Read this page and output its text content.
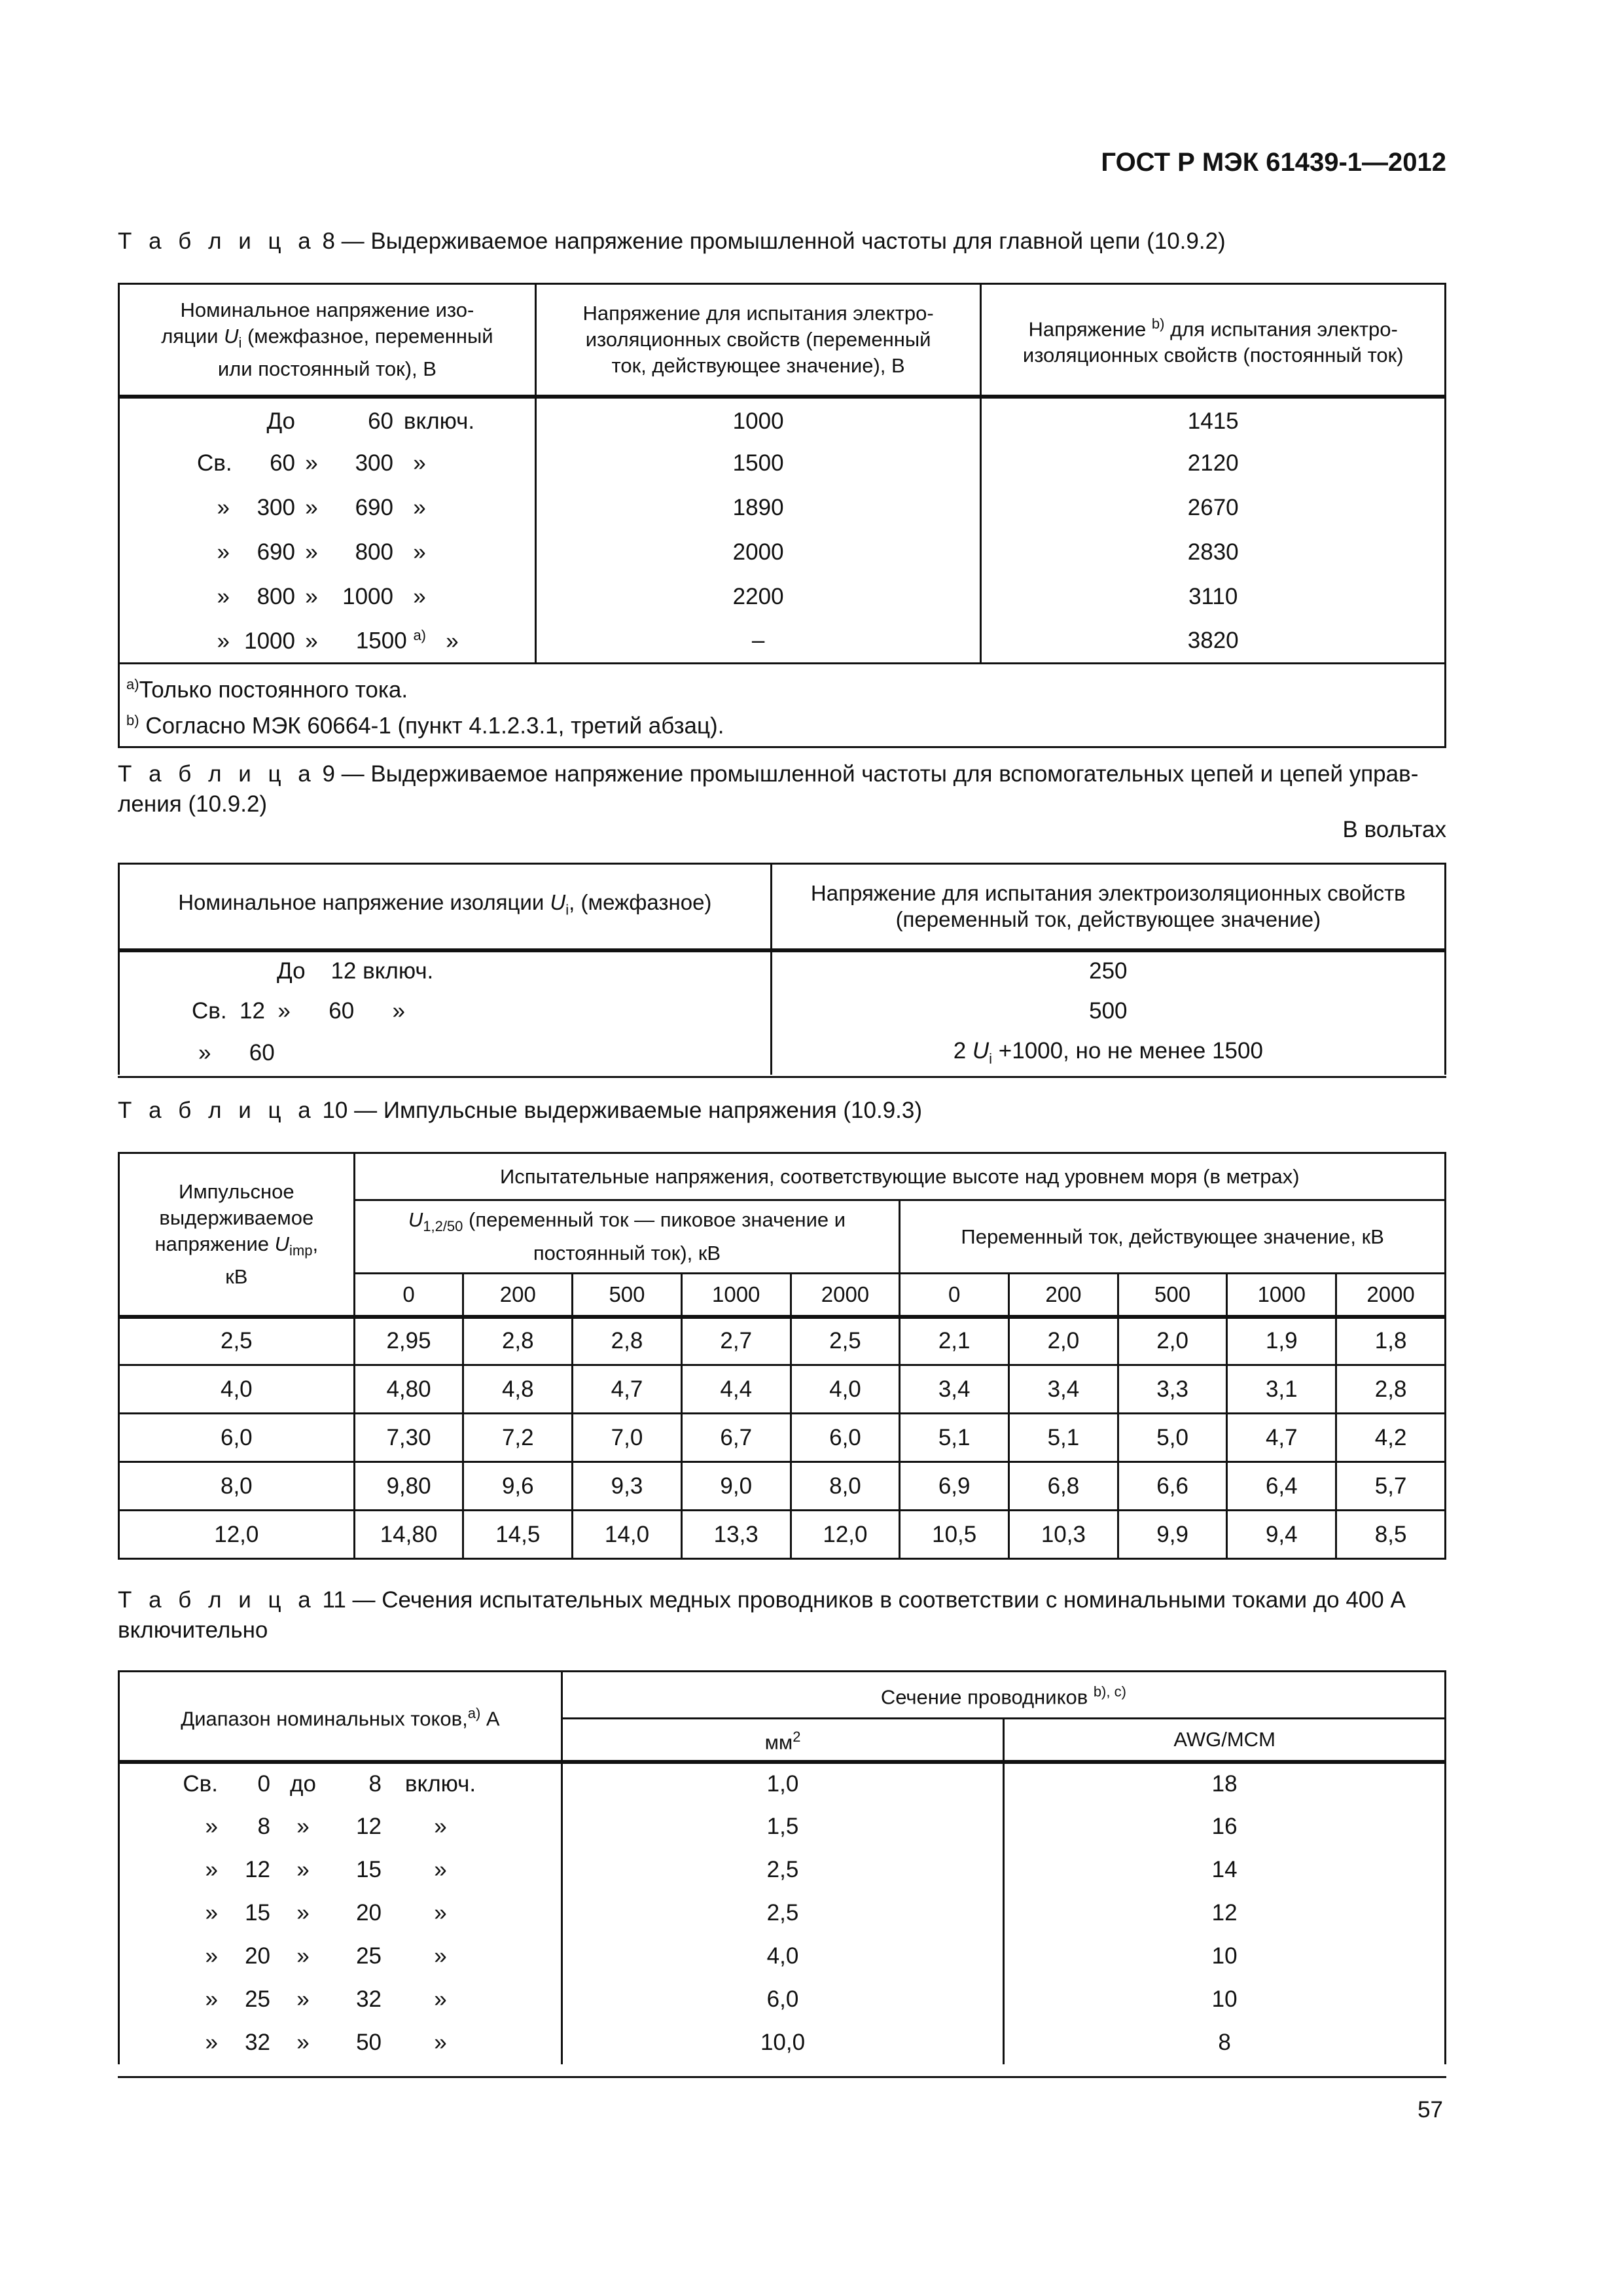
ГОСТ Р МЭК 61439-1—2012
Т а б л и ц а 8 — Выдерживаемое напряжение промышленной частоты для главной цепи (10.9.2)
Номинальное напряжение изо-
ляции $U_i$ (межфазное, переменный
или постоянный ток), В	Напряжение для испытания электро-
изоляционных свойств (переменный
ток, действующее значение), В	Напряжение $^{b)}$ для испытания электро-
изоляционных свойств (постоянный ток)
До 60 включ.	1000	1415
Св. 60 » 300 »	1500	2120
» 300 » 690 »	1890	2670
» 690 » 800 »	2000	2830
» 800 » 1000 »	2200	3110
» 1000 » 1500 $^{a)}$ »	–	3820

$^{a)}$Только постоянного тока.
$^{b)}$ Согласно МЭК 60664-1 (пункт 4.1.2.3.1, третий абзац).		
Т а б л и ц а 9 — Выдерживаемое напряжение промышленной частоты для вспомогательных цепей и цепей управ-
ления (10.9.2)
В вольтах
Номинальное напряжение изоляции $U_i$, (межфазное)	Напряжение для испытания электроизоляционных свойств
(переменный ток, действующее значение)
До    12 включ.	250
Св.  12  »      60      »	500
»      60	2 $U_i +1000$, но не менее 1500
Т а б л и ц а 10 — Импульсные выдерживаемые напряжения (10.9.3)
Импульсное
выдерживаемое
напряжение $U_{imp}$,
кВ	Испытательные напряжения, соответствующие высоте над уровнем моря (в метрах)									
	$U_{1,2/50}$ (переменный ток — пиковое значение и
постоянный ток), кВ					Переменный ток, действующее значение, кВ				
	0	200	500	1000	2000	0	200	500	1000	2000
2,5	2,95	2,8	2,8	2,7	2,5	2,1	2,0	2,0	1,9	1,8
4,0	4,80	4,8	4,7	4,4	4,0	3,4	3,4	3,3	3,1	2,8
6,0	7,30	7,2	7,0	6,7	6,0	5,1	5,1	5,0	4,7	4,2
8,0	9,80	9,6	9,3	9,0	8,0	6,9	6,8	6,6	6,4	5,7
12,0	14,80	14,5	14,0	13,3	12,0	10,5	10,3	9,9	9,4	8,5
Т а б л и ц а 11 — Сечения испытательных медных проводников в соответствии с номинальными токами до 400 А
включительно
Диапазон номинальных токов,$^{a)}$ А	Сечение проводников $^{b), c)}$
	$мм^2$	AWG/MCM
Св. 0 до 8 включ.	1,0	18
» 8 » 12 »	1,5	16
» 12 » 15 »	2,5	14
» 15 » 20 »	2,5	12
» 20 » 25 »	4,0	10
» 25 » 32 »	6,0	10
» 32 » 50 »	10,0	8
57
